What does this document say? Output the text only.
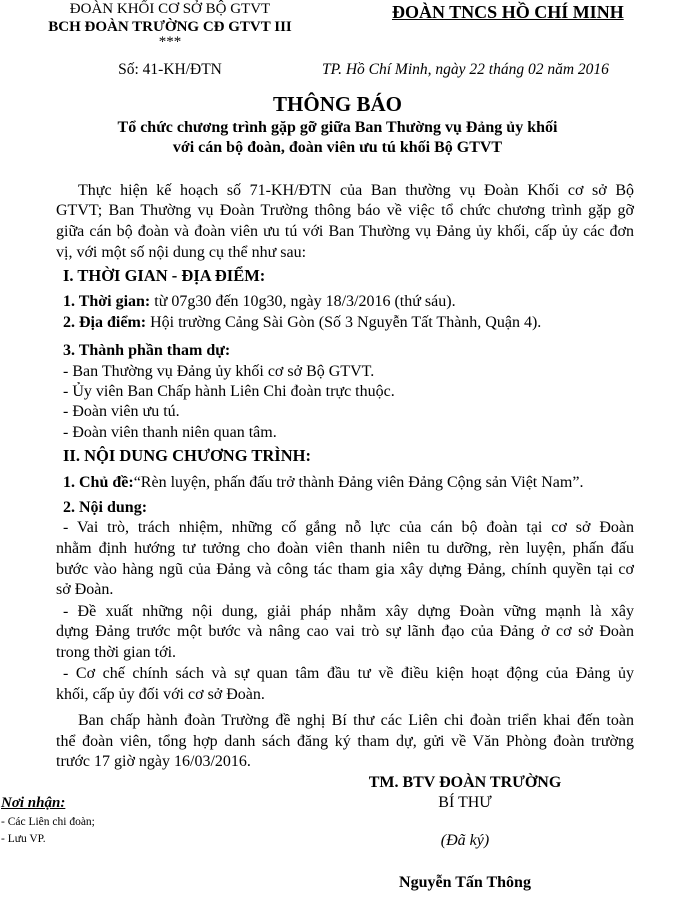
ĐOÀN KHỐI CƠ SỞ BỘ GTVT
BCH ĐOÀN TRƯỜNG CĐ GTVT III
***
Số: 41-KH/ĐTN
ĐOÀN TNCS HỒ CHÍ MINH
TP. Hồ Chí Minh, ngày 22 tháng 02 năm 2016
THÔNG BÁO
Tổ chức chương trình gặp gỡ giữa Ban Thường vụ Đảng ủy khối
với cán bộ đoàn, đoàn viên ưu tú khối Bộ GTVT
Thực hiện kế hoạch số 71-KH/ĐTN của Ban thường vụ Đoàn Khối cơ sở Bộ
GTVT; Ban Thường vụ Đoàn Trường thông báo về việc tổ chức chương trình gặp gỡ
giữa cán bộ đoàn và đoàn viên ưu tú với Ban Thường vụ Đảng ủy khối, cấp ủy các đơn
vị, với một số nội dung cụ thể như sau:
I. THỜI GIAN - ĐỊA ĐIỂM:
1. Thời gian: từ 07g30 đến 10g30, ngày 18/3/2016 (thứ sáu).
2. Địa điểm: Hội trường Cảng Sài Gòn (Số 3 Nguyễn Tất Thành, Quận 4).
3. Thành phần tham dự:
- Ban Thường vụ Đảng ủy khối cơ sở Bộ GTVT.
- Ủy viên Ban Chấp hành Liên Chi đoàn trực thuộc.
- Đoàn viên ưu tú.
- Đoàn viên thanh niên quan tâm.
II. NỘI DUNG CHƯƠNG TRÌNH:
1. Chủ đề:“Rèn luyện, phấn đấu trở thành Đảng viên Đảng Cộng sản Việt Nam”.
2. Nội dung:
- Vai trò, trách nhiệm, những cố gắng nỗ lực của cán bộ đoàn tại cơ sở Đoàn
nhằm định hướng tư tưởng cho đoàn viên thanh niên tu dưỡng, rèn luyện, phấn đấu
bước vào hàng ngũ của Đảng và công tác tham gia xây dựng Đảng, chính quyền tại cơ
sở Đoàn.
- Đề xuất những nội dung, giải pháp nhằm xây dựng Đoàn vững mạnh là xây
dựng Đảng trước một bước và nâng cao vai trò sự lãnh đạo của Đảng ở cơ sở Đoàn
trong thời gian tới.
- Cơ chế chính sách và sự quan tâm đầu tư về điều kiện hoạt động của Đảng ủy
khối, cấp ủy đối với cơ sở Đoàn.
Ban chấp hành đoàn Trường đề nghị Bí thư các Liên chi đoàn triển khai đến toàn
thể đoàn viên, tổng hợp danh sách đăng ký tham dự, gửi về Văn Phòng đoàn trường
trước 17 giờ ngày 16/03/2016.
TM. BTV ĐOÀN TRƯỜNG
BÍ THƯ
(Đã ký)
Nguyễn Tấn Thông
Nơi nhận:
- Các Liên chi đoàn;
- Lưu VP.
